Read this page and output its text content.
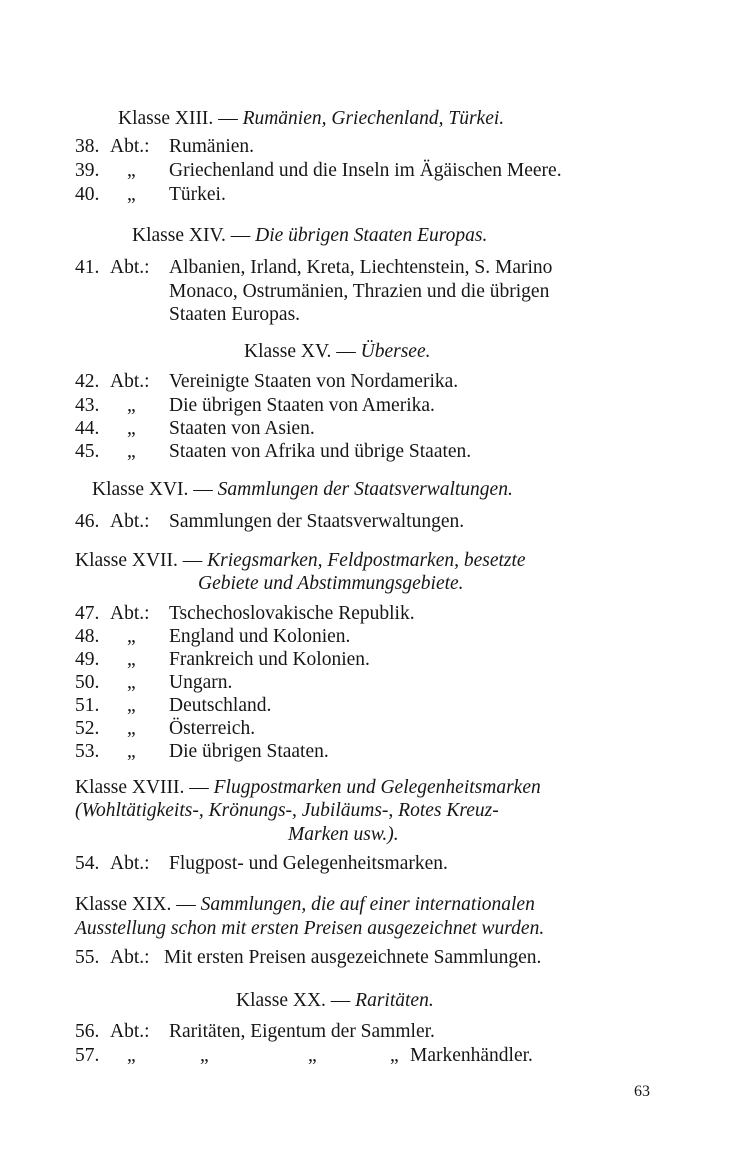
Klasse XIII. — Rumänien, Griechenland, Türkei.
38. Abt.: Rumänien.
39. „ Griechenland und die Inseln im Ägäischen Meere.
40. „ Türkei.
Klasse XIV. — Die übrigen Staaten Europas.
41. Abt.: Albanien, Irland, Kreta, Liechtenstein, S. Marino
Monaco, Ostrumänien, Thrazien und die übrigen
Staaten Europas.
Klasse XV. — Übersee.
42. Abt.: Vereinigte Staaten von Nordamerika.
43. „ Die übrigen Staaten von Amerika.
44. „ Staaten von Asien.
45. „ Staaten von Afrika und übrige Staaten.
Klasse XVI. — Sammlungen der Staatsverwaltungen.
46. Abt.: Sammlungen der Staatsverwaltungen.
Klasse XVII. — Kriegsmarken, Feldpostmarken, besetzte
Gebiete und Abstimmungsgebiete.
47. Abt.: Tschechoslovakische Republik.
48. „ England und Kolonien.
49. „ Frankreich und Kolonien.
50. „ Ungarn.
51. „ Deutschland.
52. „ Österreich.
53. „ Die übrigen Staaten.
Klasse XVIII. — Flugpostmarken und Gelegenheitsmarken
(Wohltätigkeits-, Krönungs-, Jubiläums-, Rotes Kreuz-
Marken usw.).
54. Abt.: Flugpost- und Gelegenheitsmarken.
Klasse XIX. — Sammlungen, die auf einer internationalen
Ausstellung schon mit ersten Preisen ausgezeichnet wurden.
55. Abt.: Mit ersten Preisen ausgezeichnete Sammlungen.
Klasse XX. — Raritäten.
56. Abt.: Raritäten, Eigentum der Sammler.
57. „	„	„	„ Markenhändler.
63
